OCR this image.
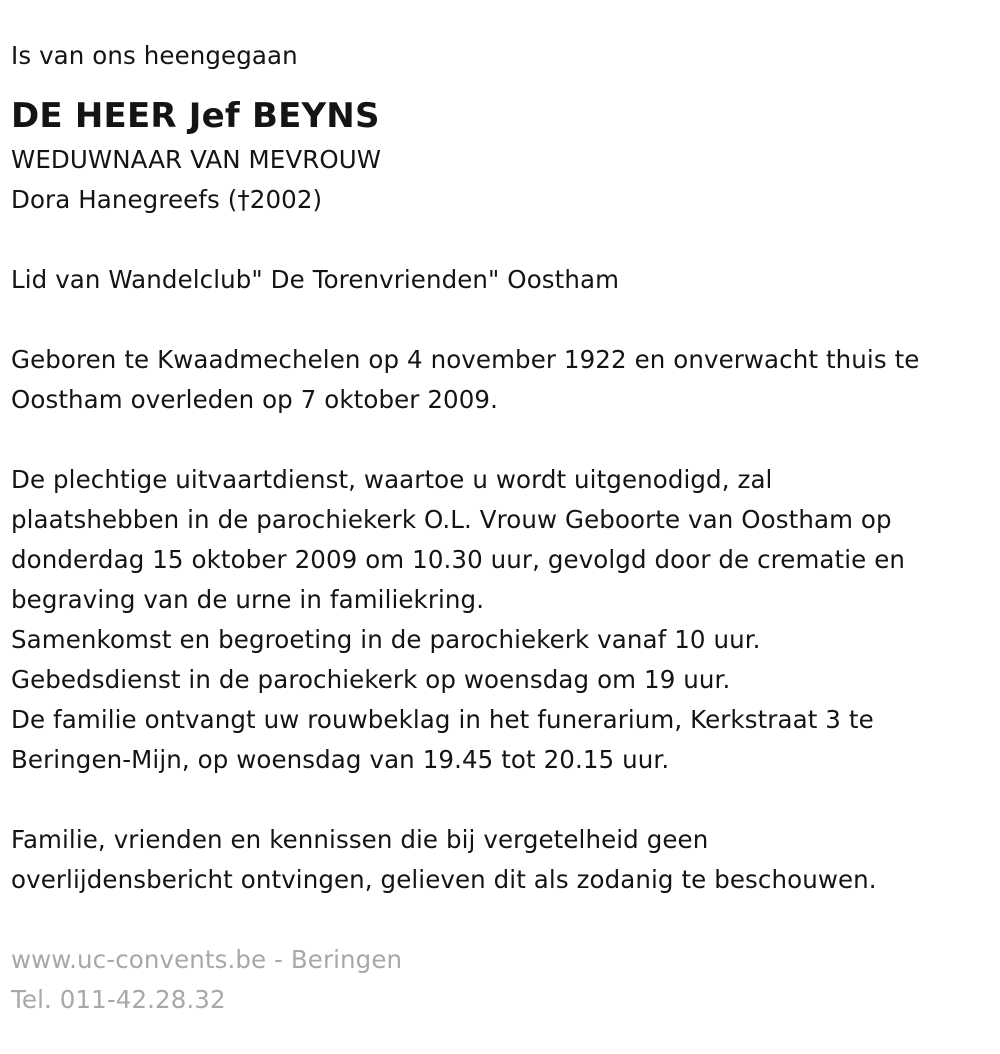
Is van ons heengegaan
DE HEER Jef BEYNS
WEDUWNAAR VAN MEVROUW
Dora Hanegreefs (†2002)
Lid van Wandelclub" De Torenvrienden" Oostham
Geboren te Kwaadmechelen op 4 november 1922 en onverwacht thuis te
Oostham overleden op 7 oktober 2009.
De plechtige uitvaartdienst, waartoe u wordt uitgenodigd, zal
plaatshebben in de parochiekerk O.L. Vrouw Geboorte van Oostham op
donderdag 15 oktober 2009 om 10.30 uur, gevolgd door de crematie en
begraving van de urne in familiekring.
Samenkomst en begroeting in de parochiekerk vanaf 10 uur.
Gebedsdienst in de parochiekerk op woensdag om 19 uur.
De familie ontvangt uw rouwbeklag in het funerarium, Kerkstraat 3 te
Beringen-Mijn, op woensdag van 19.45 tot 20.15 uur.
Familie, vrienden en kennissen die bij vergetelheid geen
overlijdensbericht ontvingen, gelieven dit als zodanig te beschouwen.
www.uc-convents.be - Beringen
Tel. 011-42.28.32
